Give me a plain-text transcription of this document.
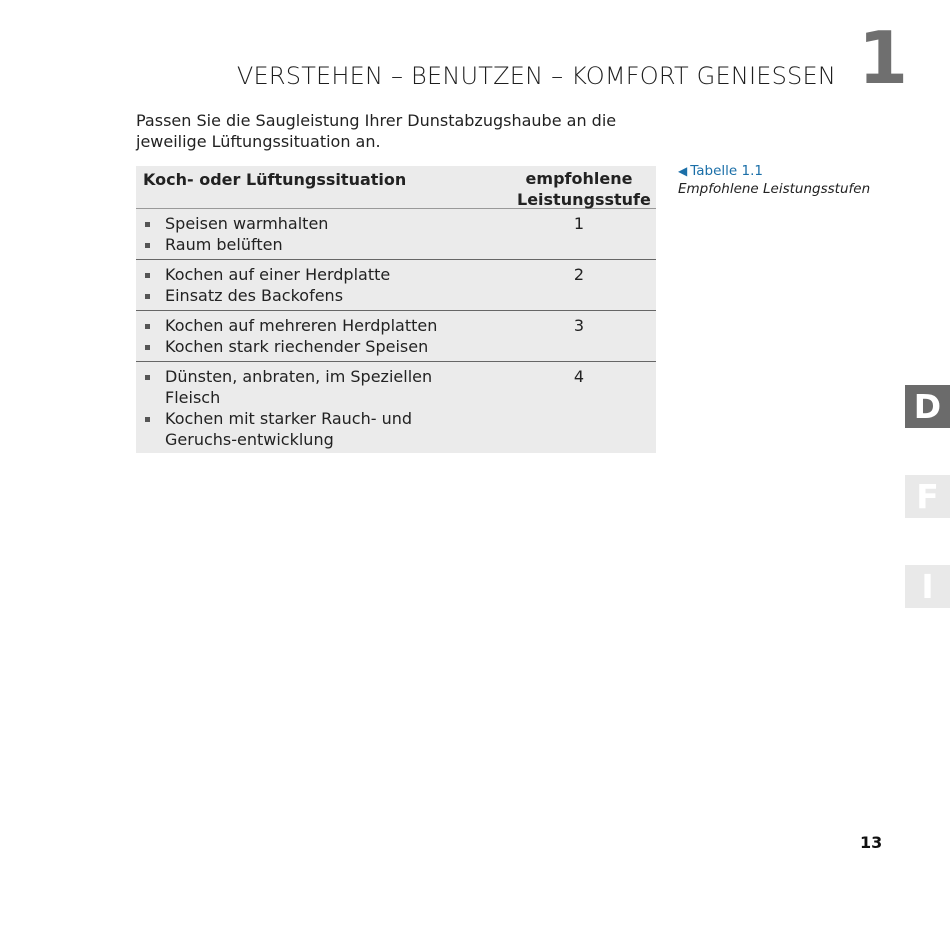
VERSTEHEN – BENUTZEN – KOMFORT GENIESSEN 1
Passen Sie die Saugleistung Ihrer Dunstabzugshaube an die jeweilige Lüftungssituation an.
Koch- oder Lüftungssituation	empfohlene
Leistungsstufe
Speisen warmhalten
Raum belüften
1
Kochen auf einer Herdplatte
Einsatz des Backofens
2
Kochen auf mehreren Herdplatten
Kochen stark riechender Speisen
3
Dünsten, anbraten, im Speziellen Fleisch
Kochen mit starker Rauch- und Geruchs-entwicklung
4
◀ Tabelle 1.1
Empfohlene Leistungsstufen
D
F
I
13
